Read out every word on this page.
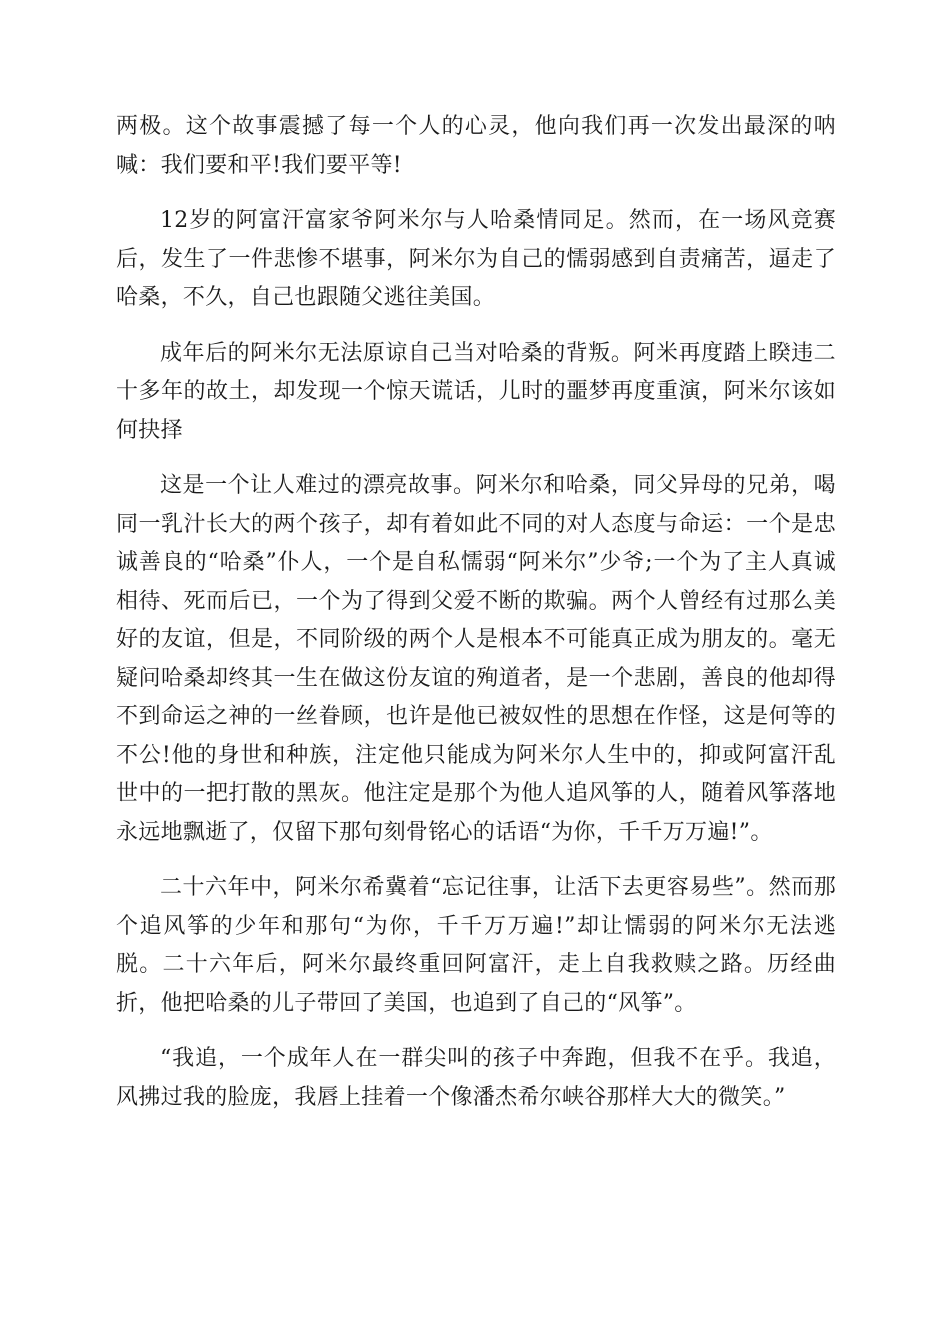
两极。这个故事震撼了每一个人的心灵，他向我们再一次发出最深的呐喊：我们要和平!我们要平等!

12岁的阿富汗富家爷阿米尔与人哈桑情同足。然而，在一场风竞赛后，发生了一件悲惨不堪事，阿米尔为自己的懦弱感到自责痛苦，逼走了哈桑，不久，自己也跟随父逃往美国。

成年后的阿米尔无法原谅自己当对哈桑的背叛。阿米再度踏上睽违二十多年的故土，却发现一个惊天谎话，儿时的噩梦再度重演，阿米尔该如何抉择

这是一个让人难过的漂亮故事。阿米尔和哈桑，同父异母的兄弟，喝同一乳汁长大的两个孩子，却有着如此不同的对人态度与命运：一个是忠诚善良的“哈桑”仆人，一个是自私懦弱“阿米尔”少爷;一个为了主人真诚相待、死而后已，一个为了得到父爱不断的欺骗。两个人曾经有过那么美好的友谊，但是，不同阶级的两个人是根本不可能真正成为朋友的。毫无疑问哈桑却终其一生在做这份友谊的殉道者，是一个悲剧，善良的他却得不到命运之神的一丝眷顾，也许是他已被奴性的思想在作怪，这是何等的不公!他的身世和种族，注定他只能成为阿米尔人生中的，抑或阿富汗乱世中的一把打散的黑灰。他注定是那个为他人追风筝的人，随着风筝落地永远地飘逝了，仅留下那句刻骨铭心的话语“为你，千千万万遍!”。

二十六年中，阿米尔希冀着“忘记往事，让活下去更容易些”。然而那个追风筝的少年和那句“为你，千千万万遍!”却让懦弱的阿米尔无法逃脱。二十六年后，阿米尔最终重回阿富汗，走上自我救赎之路。历经曲折，他把哈桑的儿子带回了美国，也追到了自己的“风筝”。

“我追，一个成年人在一群尖叫的孩子中奔跑，但我不在乎。我追，风拂过我的脸庞，我唇上挂着一个像潘杰希尔峡谷那样大大的微笑。”
